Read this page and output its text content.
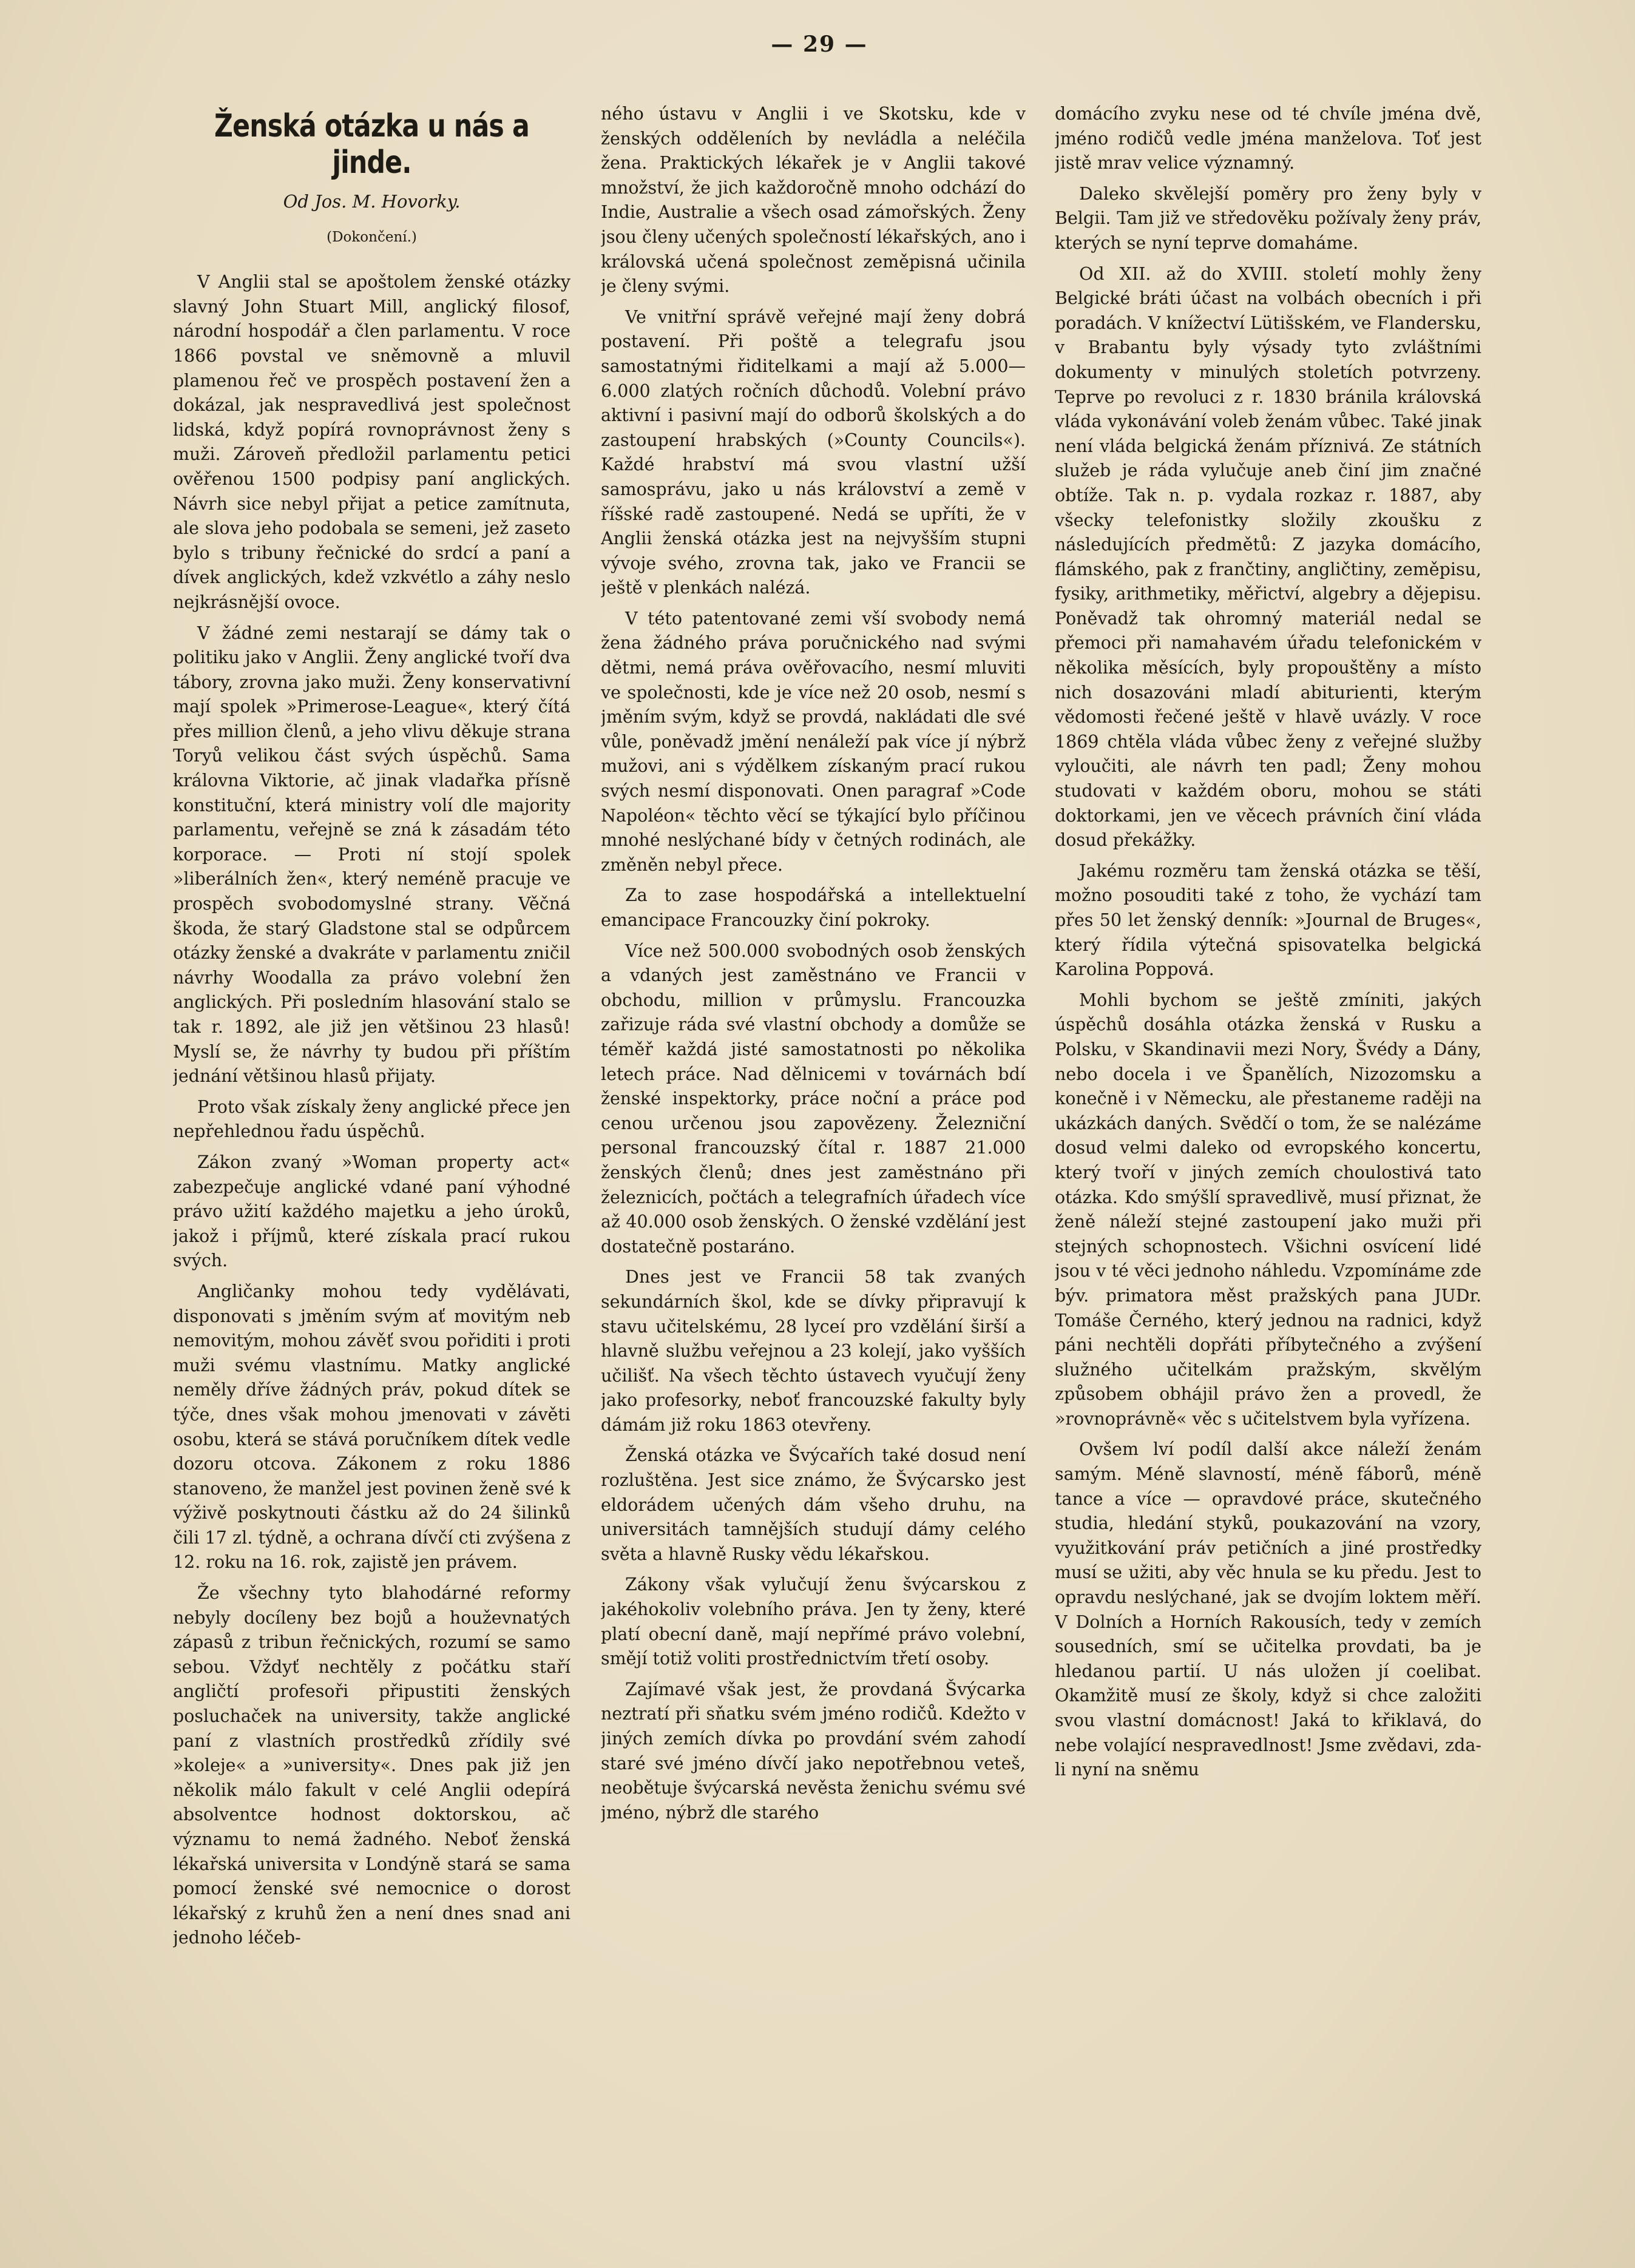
— 29 —
Ženská otázka u nás a jinde.
Od Jos. M. Hovorky.
(Dokončení.)

V Anglii stal se apoštolem ženské otázky slavný John Stuart Mill, anglický filosof, národní hospodář a člen parlamentu. V roce 1866 povstal ve sněmovně a mluvil plamenou řeč ve prospěch postavení žen a dokázal, jak nespravedlivá jest společnost lidská, když popírá rovnoprávnost ženy s muži. Zároveň předložil parlamentu petici ověřenou 1500 podpisy paní anglických. Návrh sice nebyl přijat a petice zamítnuta, ale slova jeho podobala se semeni, jež zaseto bylo s tribuny řečnické do srdcí a paní a dívek anglických, kdež vzkvétlo a záhy neslo nejkrásnější ovoce.

V žádné zemi nestarají se dámy tak o politiku jako v Anglii. Ženy anglické tvoří dva tábory, zrovna jako muži. Ženy konservativní mají spolek »Primerose-League«, který čítá přes million členů, a jeho vlivu děkuje strana Toryů velikou část svých úspěchů. Sama královna Viktorie, ač jinak vladařka přísně konstituční, která ministry volí dle majority parlamentu, veřejně se zná k zásadám této korporace. — Proti ní stojí spolek »liberálních žen«, který neméně pracuje ve prospěch svobodomyslné strany. Věčná škoda, že starý Gladstone stal se odpůrcem otázky ženské a dvakráte v parlamentu zničil návrhy Woodalla za právo volební žen anglických. Při posledním hlasování stalo se tak r. 1892, ale již jen většinou 23 hlasů! Myslí se, že návrhy ty budou při příštím jednání většinou hlasů přijaty.

Proto však získaly ženy anglické přece jen nepřehlednou řadu úspěchů.

Zákon zvaný »Woman property act« zabezpečuje anglické vdané paní výhodné právo užití každého majetku a jeho úroků, jakož i příjmů, které získala prací rukou svých.

Angličanky mohou tedy vydělávati, disponovati s jměním svým ať movitým neb nemovitým, mohou závěť svou pořiditi i proti muži svému vlastnímu. Matky anglické neměly dříve žádných práv, pokud dítek se týče, dnes však mohou jmenovati v závěti osobu, která se stává poručníkem dítek vedle dozoru otcova. Zákonem z roku 1886 stanoveno, že manžel jest povinen ženě své k výživě poskytnouti částku až do 24 šilinků čili 17 zl. týdně, a ochrana dívčí cti zvýšena z 12. roku na 16. rok, zajistě jen právem.

Že všechny tyto blahodárné reformy nebyly docíleny bez bojů a houževnatých zápasů z tribun řečnických, rozumí se samo sebou. Vždyť nechtěly z počátku staří angličtí profesoři připustiti ženských posluchaček na university, takže anglické paní z vlastních prostředků zřídily své »koleje« a »university«. Dnes pak již jen několik málo fakult v celé Anglii odepírá absolventce hodnost doktorskou, ač významu to nemá žadného. Neboť ženská lékařská universita v Londýně stará se sama pomocí ženské své nemocnice o dorost lékařský z kruhů žen a není dnes snad ani jednoho léčeb-

ného ústavu v Anglii i ve Skotsku, kde v ženských odděleních by nevládla a neléčila žena. Praktických lékařek je v Anglii takové množství, že jich každoročně mnoho odchází do Indie, Australie a všech osad zámořských. Ženy jsou členy učených společností lékařských, ano i královská učená společnost zeměpisná učinila je členy svými.

Ve vnitřní správě veřejné mají ženy dobrá postavení. Při poště a telegrafu jsou samostatnými řiditelkami a mají až 5.000—6.000 zlatých ročních důchodů. Volební právo aktivní i pasivní mají do odborů školských a do zastoupení hrabských (»County Councils«). Každé hrabství má svou vlastní užší samosprávu, jako u nás království a země v říšské radě zastoupené. Nedá se upříti, že v Anglii ženská otázka jest na nejvyšším stupni vývoje svého, zrovna tak, jako ve Francii se ještě v plenkách nalézá.

V této patentované zemi vší svobody nemá žena žádného práva poručnického nad svými dětmi, nemá práva ověřovacího, nesmí mluviti ve společnosti, kde je více než 20 osob, nesmí s jměním svým, když se provdá, nakládati dle své vůle, poněvadž jmění nenáleží pak více jí nýbrž mužovi, ani s výdělkem získaným prací rukou svých nesmí disponovati. Onen paragraf »Code Napoléon« těchto věcí se týkající bylo příčinou mnohé neslýchané bídy v četných rodinách, ale změněn nebyl přece.

Za to zase hospodářská a intellektuelní emancipace Francouzky činí pokroky.

Více než 500.000 svobodných osob ženských a vdaných jest zaměstnáno ve Francii v obchodu, million v průmyslu. Francouzka zařizuje ráda své vlastní obchody a domůže se téměř každá jisté samostatnosti po několika letech práce. Nad dělnicemi v továrnách bdí ženské inspektorky, práce noční a práce pod cenou určenou jsou zapovězeny. Železniční personal francouzský čítal r. 1887 21.000 ženských členů; dnes jest zaměstnáno při železnicích, počtách a telegrafních úřadech více až 40.000 osob ženských. O ženské vzdělání jest dostatečně postaráno.

Dnes jest ve Francii 58 tak zvaných sekundárních škol, kde se dívky připravují k stavu učitelskému, 28 lyceí pro vzdělání širší a hlavně službu veřejnou a 23 kolejí, jako vyšších učilišť. Na všech těchto ústavech vyučují ženy jako profesorky, neboť francouzské fakulty byly dámám již roku 1863 otevřeny.

Ženská otázka ve Švýcařích také dosud není rozluštěna. Jest sice známo, že Švýcarsko jest eldorádem učených dám všeho druhu, na universitách tamnějších studují dámy celého světa a hlavně Rusky vědu lékařskou.

Zákony však vylučují ženu švýcarskou z jakéhokoliv volebního práva. Jen ty ženy, které platí obecní daně, mají nepřímé právo volební, smějí totiž voliti prostřednictvím třetí osoby.

Zajímavé však jest, že provdaná Švýcarka neztratí při sňatku svém jméno rodičů. Kdežto v jiných zemích dívka po provdání svém zahodí staré své jméno dívčí jako nepotřebnou veteš, neobětuje švýcarská nevěsta ženichu svému své jméno, nýbrž dle starého

domácího zvyku nese od té chvíle jména dvě, jméno rodičů vedle jména manželova. Toť jest jistě mrav velice významný.

Daleko skvělejší poměry pro ženy byly v Belgii. Tam již ve středověku požívaly ženy práv, kterých se nyní teprve domaháme.

Od XII. až do XVIII. století mohly ženy Belgické bráti účast na volbách obecních i při poradách. V knížectví Lütišském, ve Flandersku, v Brabantu byly výsady tyto zvláštními dokumenty v minulých stoletích potvrzeny. Teprve po revoluci z r. 1830 bránila královská vláda vykonávání voleb ženám vůbec. Také jinak není vláda belgická ženám příznivá. Ze státních služeb je ráda vylučuje aneb činí jim značné obtíže. Tak n. p. vydala rozkaz r. 1887, aby všecky telefonistky složily zkoušku z následujících předmětů: Z jazyka domácího, flámského, pak z frančtiny, angličtiny, zeměpisu, fysiky, arithmetiky, měřictví, algebry a dějepisu. Poněvadž tak ohromný materiál nedal se přemoci při namahavém úřadu telefonickém v několika měsících, byly propouštěny a místo nich dosazováni mladí abiturienti, kterým vědomosti řečené ještě v hlavě uvázly. V roce 1869 chtěla vláda vůbec ženy z veřejné služby vyloučiti, ale návrh ten padl; Ženy mohou studovati v každém oboru, mohou se státi doktorkami, jen ve věcech právních činí vláda dosud překážky.

Jakému rozměru tam ženská otázka se těší, možno posouditi také z toho, že vychází tam přes 50 let ženský denník: »Journal de Bruges«, který řídila výtečná spisovatelka belgická Karolina Poppová.

Mohli bychom se ještě zmíniti, jakých úspěchů dosáhla otázka ženská v Rusku a Polsku, v Skandinavii mezi Nory, Švédy a Dány, nebo docela i ve Španělích, Nizozomsku a konečně i v Německu, ale přestaneme raději na ukázkách daných. Svědčí o tom, že se nalézáme dosud velmi daleko od evropského koncertu, který tvoří v jiných zemích choulostivá tato otázka. Kdo smýšlí spravedlivě, musí přiznat, že ženě náleží stejné zastoupení jako muži při stejných schopnostech. Všichni osvícení lidé jsou v té věci jednoho náhledu. Vzpomínáme zde býv. primatora měst pražských pana JUDr. Tomáše Černého, který jednou na radnici, když páni nechtěli dopřáti příbytečného a zvýšení služného učitelkám pražským, skvělým způsobem obhájil právo žen a provedl, že »rovnoprávně« věc s učitelstvem byla vyřízena.

Ovšem lví podíl další akce náleží ženám samým. Méně slavností, méně fáborů, méně tance a více — opravdové práce, skutečného studia, hledání styků, poukazování na vzory, využitkování práv petičních a jiné prostředky musí se užiti, aby věc hnula se ku předu. Jest to opravdu neslýchané, jak se dvojím loktem měří. V Dolních a Horních Rakousích, tedy v zemích sousedních, smí se učitelka provdati, ba je hledanou partií. U nás uložen jí coelibat. Okamžitě musí ze školy, když si chce založiti svou vlastní domácnost! Jaká to křiklavá, do nebe volající nespravedlnost! Jsme zvědavi, zda-li nyní na sněmu
